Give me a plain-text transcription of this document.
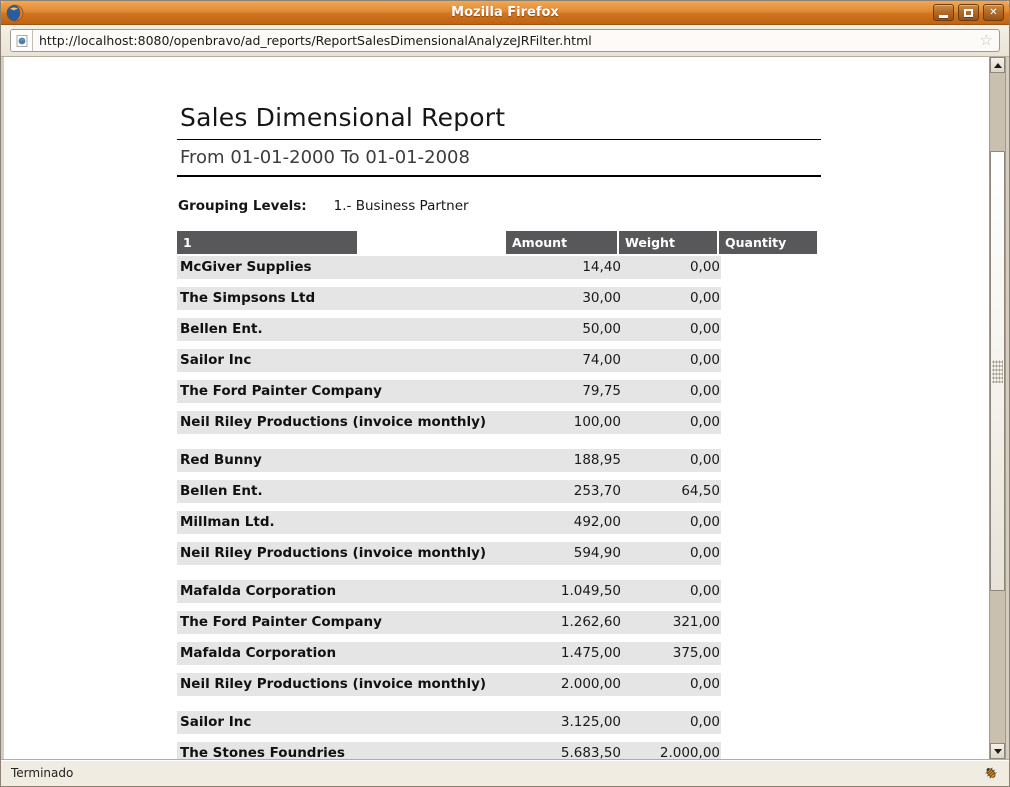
Mozilla Firefox	✕
http://localhost:8080/openbravo/ad_reports/ReportSalesDimensionalAnalyzeJRFilter.html
☆
Sales Dimensional Report
From 01-01-2000 To 01-01-2008
Grouping Levels: 1.- Business Partner
1	Amount	Weight	Quantity
McGiver Supplies	14,40	0,00
The Simpsons Ltd	30,00	0,00
Bellen Ent.	50,00	0,00
Sailor Inc	74,00	0,00
The Ford Painter Company	79,75	0,00
Neil Riley Productions (invoice monthly)	100,00	0,00
Red Bunny	188,95	0,00
Bellen Ent.	253,70	64,50
Millman Ltd.	492,00	0,00
Neil Riley Productions (invoice monthly)	594,90	0,00
Mafalda Corporation	1.049,50	0,00
The Ford Painter Company	1.262,60	321,00
Mafalda Corporation	1.475,00	375,00
Neil Riley Productions (invoice monthly)	2.000,00	0,00
Sailor Inc	3.125,00	0,00
The Stones Foundries	5.683,50	2.000,00
Terminado
